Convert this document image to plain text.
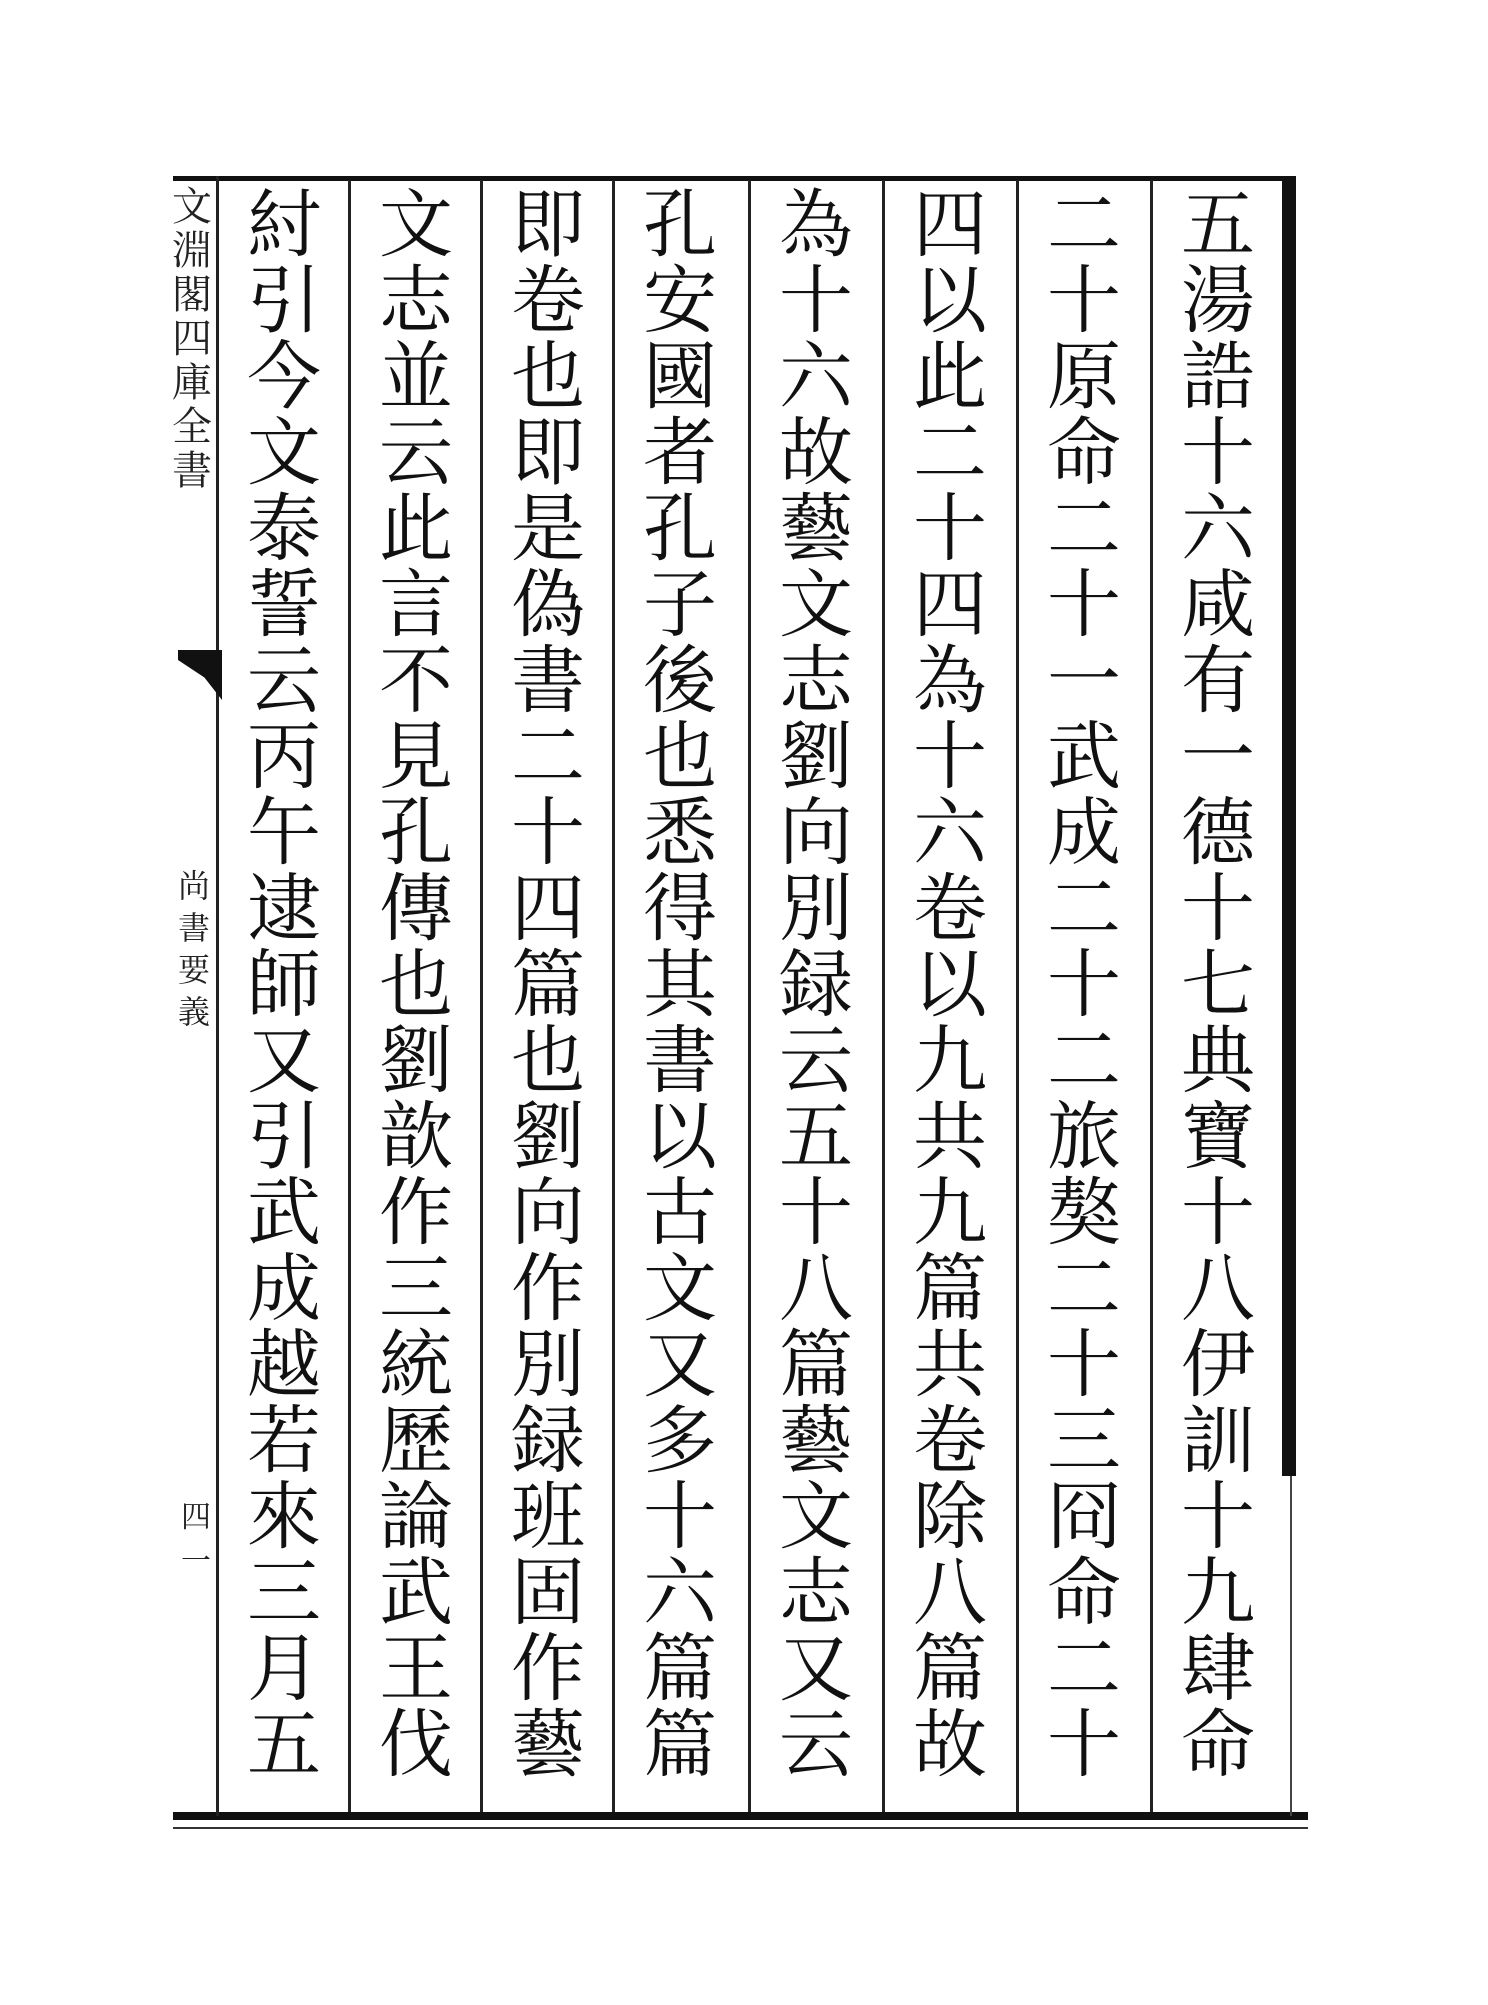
文
淵
閣
四
庫
全
書
尚
書
要
義
四一
五
湯
誥
十
六
咸
有
一
德
十
七
典
寶
十
八
伊
訓
十
九
肆
命
二
十
原
命
二
十
一
武
成
二
十
二
旅
獒
二
十
三
冏
命
二
十
四
以
此
二
十
四
為
十
六
卷
以
九
共
九
篇
共
卷
除
八
篇
故
為
十
六
故
藝
文
志
劉
向
別
録
云
五
十
八
篇
藝
文
志
又
云
孔
安
國
者
孔
子
後
也
悉
得
其
書
以
古
文
又
多
十
六
篇
篇
即
卷
也
即
是
偽
書
二
十
四
篇
也
劉
向
作
別
録
班
固
作
藝
文
志
並
云
此
言
不
見
孔
傳
也
劉
歆
作
三
統
歷
論
武
王
伐
紂
引
今
文
泰
誓
云
丙
午
逮
師
又
引
武
成
越
若
來
三
月
五
